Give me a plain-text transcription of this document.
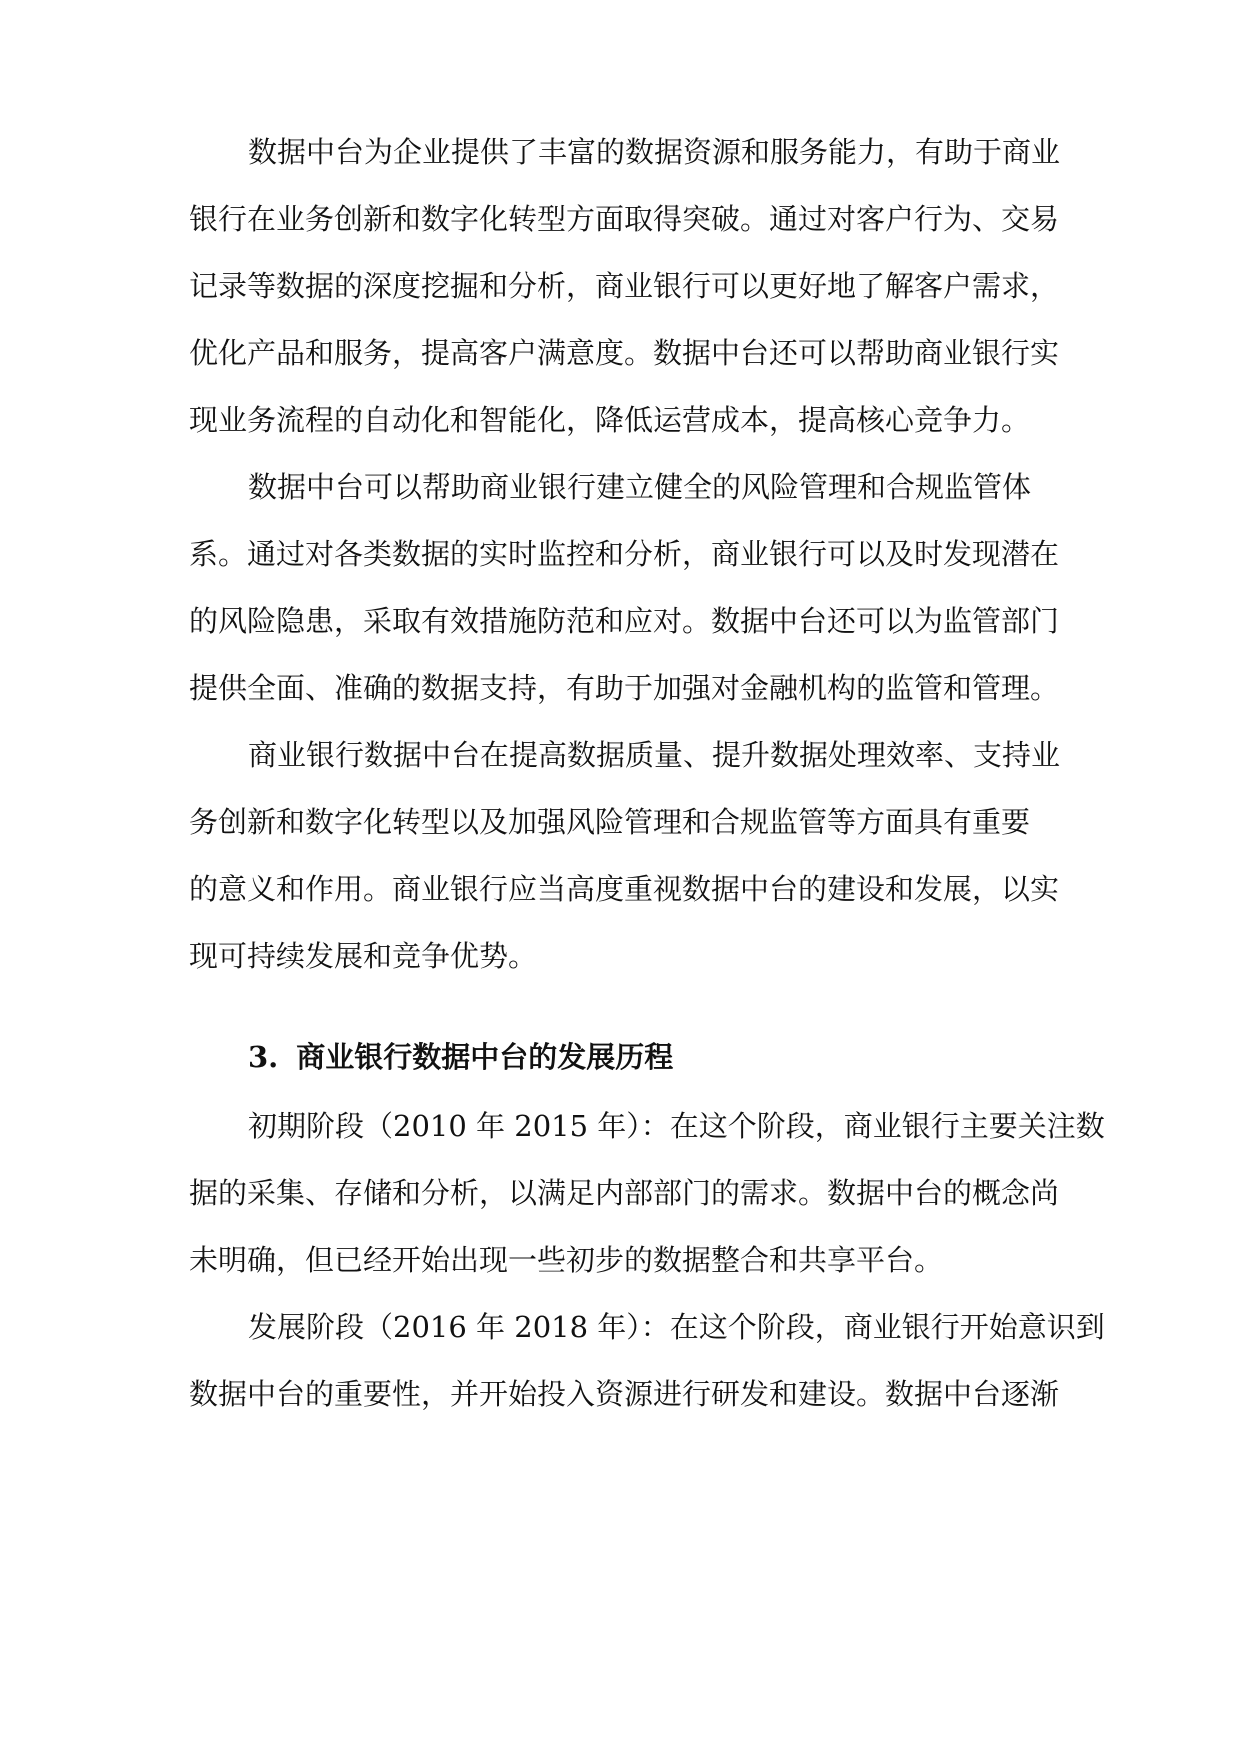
数据中台为企业提供了丰富的数据资源和服务能力，有助于商业
银行在业务创新和数字化转型方面取得突破。通过对客户行为、交易
记录等数据的深度挖掘和分析，商业银行可以更好地了解客户需求，
优化产品和服务，提高客户满意度。数据中台还可以帮助商业银行实
现业务流程的自动化和智能化，降低运营成本，提高核心竞争力。
数据中台可以帮助商业银行建立健全的风险管理和合规监管体
系。通过对各类数据的实时监控和分析，商业银行可以及时发现潜在
的风险隐患，采取有效措施防范和应对。数据中台还可以为监管部门
提供全面、准确的数据支持，有助于加强对金融机构的监管和管理。
商业银行数据中台在提高数据质量、提升数据处理效率、支持业
务创新和数字化转型以及加强风险管理和合规监管等方面具有重要
的意义和作用。商业银行应当高度重视数据中台的建设和发展，以实
现可持续发展和竞争优势。
3. 商业银行数据中台的发展历程
初期阶段（2010 年 2015 年）：在这个阶段，商业银行主要关注数
据的采集、存储和分析，以满足内部部门的需求。数据中台的概念尚
未明确，但已经开始出现一些初步的数据整合和共享平台。
发展阶段（2016 年 2018 年）：在这个阶段，商业银行开始意识到
数据中台的重要性，并开始投入资源进行研发和建设。数据中台逐渐
